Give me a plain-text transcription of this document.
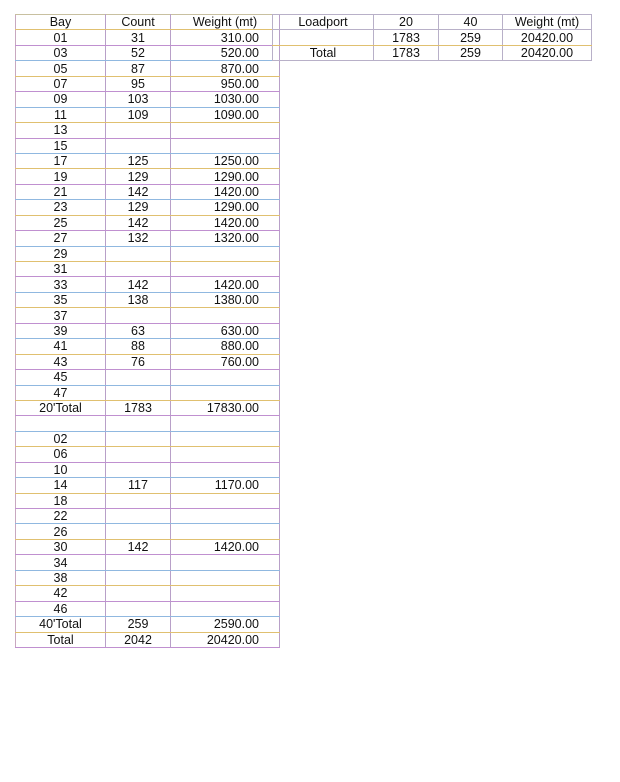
Bay	Count	Weight (mt)
01	31	310.00
03	52	520.00
05	87	870.00
07	95	950.00
09	103	1030.00
11	109	1090.00
13		
15		
17	125	1250.00
19	129	1290.00
21	142	1420.00
23	129	1290.00
25	142	1420.00
27	132	1320.00
29		
31		
33	142	1420.00
35	138	1380.00
37		
39	63	630.00
41	88	880.00
43	76	760.00
45		
47		
20'Total	1783	17830.00

02		
06		
10		
14	117	1170.00
18		
22		
26		
30	142	1420.00
34		
38		
42		
46		
40'Total	259	2590.00
Total	2042	20420.00
Loadport	20	40	Weight (mt)
	1783	259	20420.00
Total	1783	259	20420.00
